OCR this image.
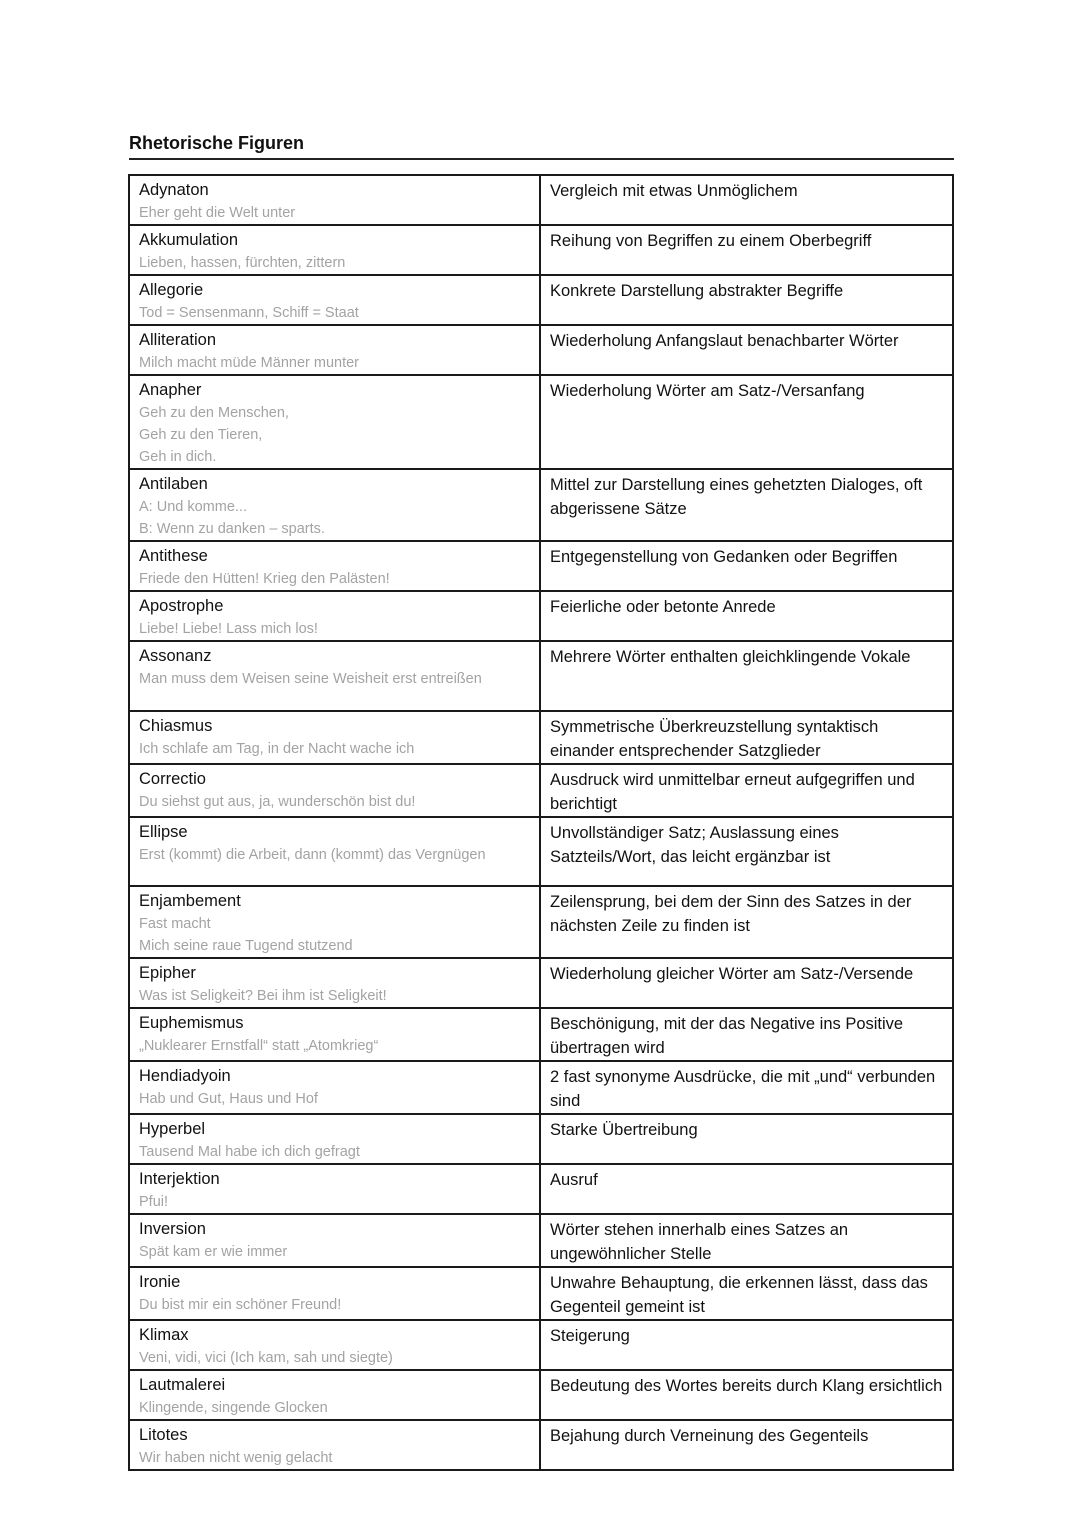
Rhetorische Figuren
Adynaton
Eher geht die Welt unter	Vergleich mit etwas Unmöglichem

Akkumulation
Lieben, hassen, fürchten, zittern	Reihung von Begriffen zu einem Oberbegriff

Allegorie
Tod = Sensenmann, Schiff = Staat	Konkrete Darstellung abstrakter Begriffe

Alliteration
Milch macht müde Männer munter	Wiederholung Anfangslaut benachbarter Wörter

Anapher
Geh zu den Menschen,
Geh zu den Tieren,
Geh in dich.	Wiederholung Wörter am Satz-/Versanfang

Antilaben
A: Und komme...
B: Wenn zu danken – sparts.	Mittel zur Darstellung eines gehetzten Dialoges, oft abgerissene Sätze

Antithese
Friede den Hütten! Krieg den Palästen!	Entgegenstellung von Gedanken oder Begriffen

Apostrophe
Liebe! Liebe! Lass mich los!	Feierliche oder betonte Anrede

Assonanz
Man muss dem Weisen seine Weisheit erst entreißen	Mehrere Wörter enthalten gleichklingende Vokale

Chiasmus
Ich schlafe am Tag, in der Nacht wache ich	Symmetrische Überkreuzstellung syntaktisch einander entsprechender Satzglieder

Correctio
Du siehst gut aus, ja, wunderschön bist du!	Ausdruck wird unmittelbar erneut aufgegriffen und berichtigt

Ellipse
Erst (kommt) die Arbeit, dann (kommt) das Vergnügen	Unvollständiger Satz; Auslassung eines Satzteils/Wort, das leicht ergänzbar ist

Enjambement
Fast macht
Mich seine raue Tugend stutzend	Zeilensprung, bei dem der Sinn des Satzes in der nächsten Zeile zu finden ist

Epipher
Was ist Seligkeit? Bei ihm ist Seligkeit!	Wiederholung gleicher Wörter am Satz-/Versende

Euphemismus
„Nuklearer Ernstfall“ statt „Atomkrieg“	Beschönigung, mit der das Negative ins Positive übertragen wird

Hendiadyoin
Hab und Gut, Haus und Hof	2 fast synonyme Ausdrücke, die mit „und“ verbunden sind

Hyperbel
Tausend Mal habe ich dich gefragt	Starke Übertreibung

Interjektion
Pfui!	Ausruf

Inversion
Spät kam er wie immer	Wörter stehen innerhalb eines Satzes an ungewöhnlicher Stelle

Ironie
Du bist mir ein schöner Freund!	Unwahre Behauptung, die erkennen lässt, dass das Gegenteil gemeint ist

Klimax
Veni, vidi, vici (Ich kam, sah und siegte)	Steigerung

Lautmalerei
Klingende, singende Glocken	Bedeutung des Wortes bereits durch Klang ersichtlich

Litotes
Wir haben nicht wenig gelacht	Bejahung durch Verneinung des Gegenteils
